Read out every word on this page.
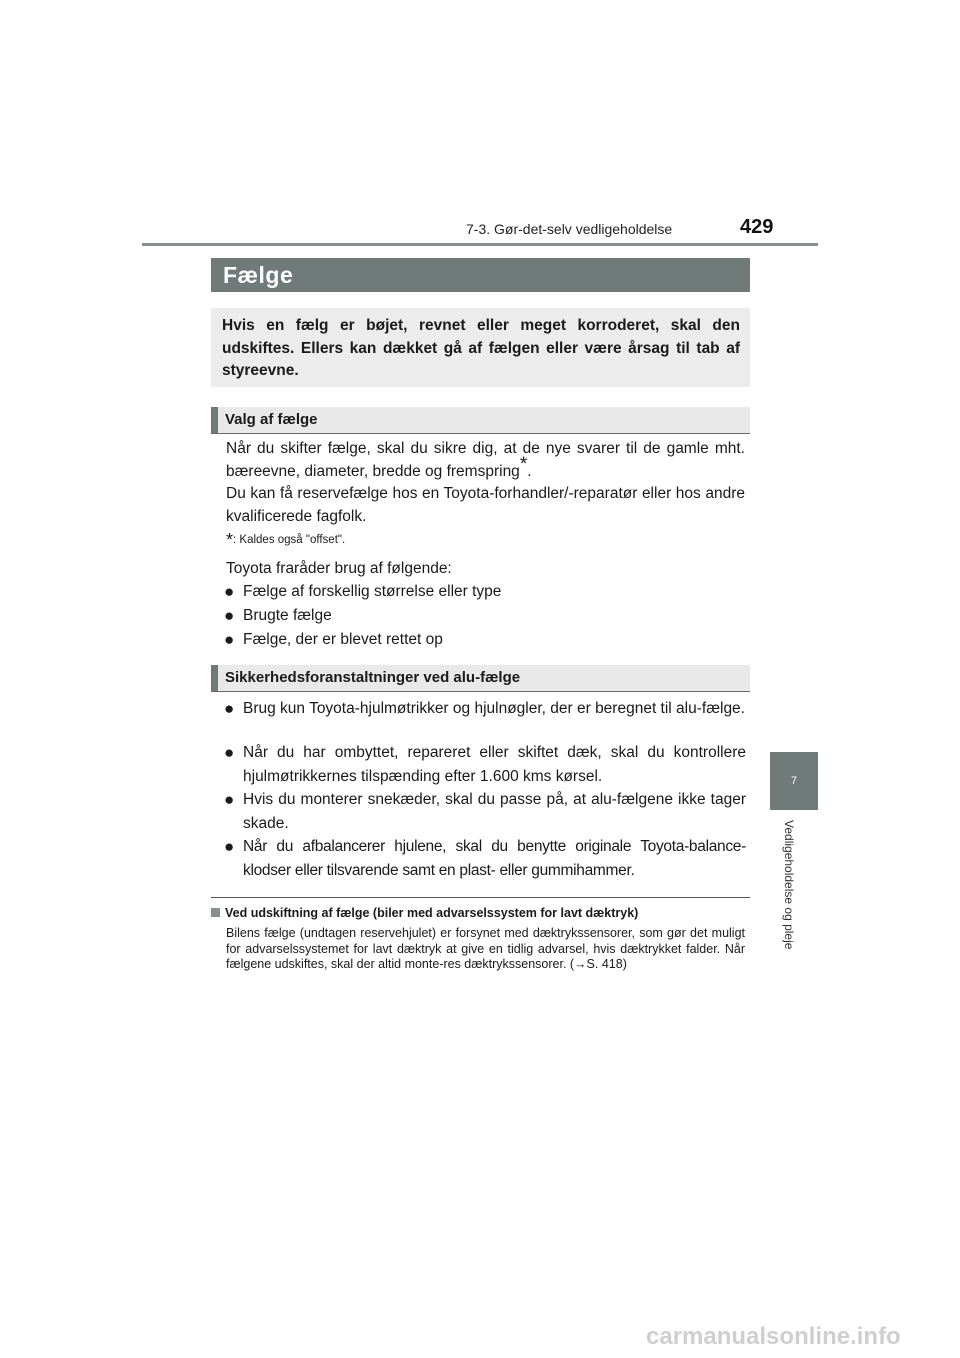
7-3. Gør-det-selv vedligeholdelse	429
7
Vedligeholdelse og pleje
Fælge

Hvis en fælg er bøjet, revnet eller meget korroderet, skal den udskiftes. Ellers kan dækket gå af fælgen eller være årsag til tab af styreevne.

Valg af fælge

Når du skifter fælge, skal du sikre dig, at de nye svarer til de gamle mht. bæreevne, diameter, bredde og fremspring*.

Du kan få reservefælge hos en Toyota-forhandler/-reparatør eller hos andre kvalificerede fagfolk.

*: Kaldes også "offset".
Toyota fraråder brug af følgende:
● Fælge af forskellig størrelse eller type
● Brugte fælge
● Fælge, der er blevet rettet op
Sikkerhedsforanstaltninger ved alu-fælge
● Brug kun Toyota-hjulmøtrikker og hjulnøgler, der er beregnet til alu-fælge.
● Når du har ombyttet, repareret eller skiftet dæk, skal du kontrollere hjulmøtrikkernes tilspænding efter 1.600 kms kørsel.
● Hvis du monterer snekæder, skal du passe på, at alu-fælgene ikke tager skade.
● Når du afbalancerer hjulene, skal du benytte originale Toyota-balance-klodser eller tilsvarende samt en plast- eller gummihammer.
Ved udskiftning af fælge (biler med advarselssystem for lavt dæktryk)
Bilens fælge (undtagen reservehjulet) er forsynet med dæktrykssensorer, som gør det muligt for advarselssystemet for lavt dæktryk at give en tidlig advarsel, hvis dæktrykket falder. Når fælgene udskiftes, skal der altid monte-res dæktrykssensorer. (→S. 418)
carmanualsonline.info
